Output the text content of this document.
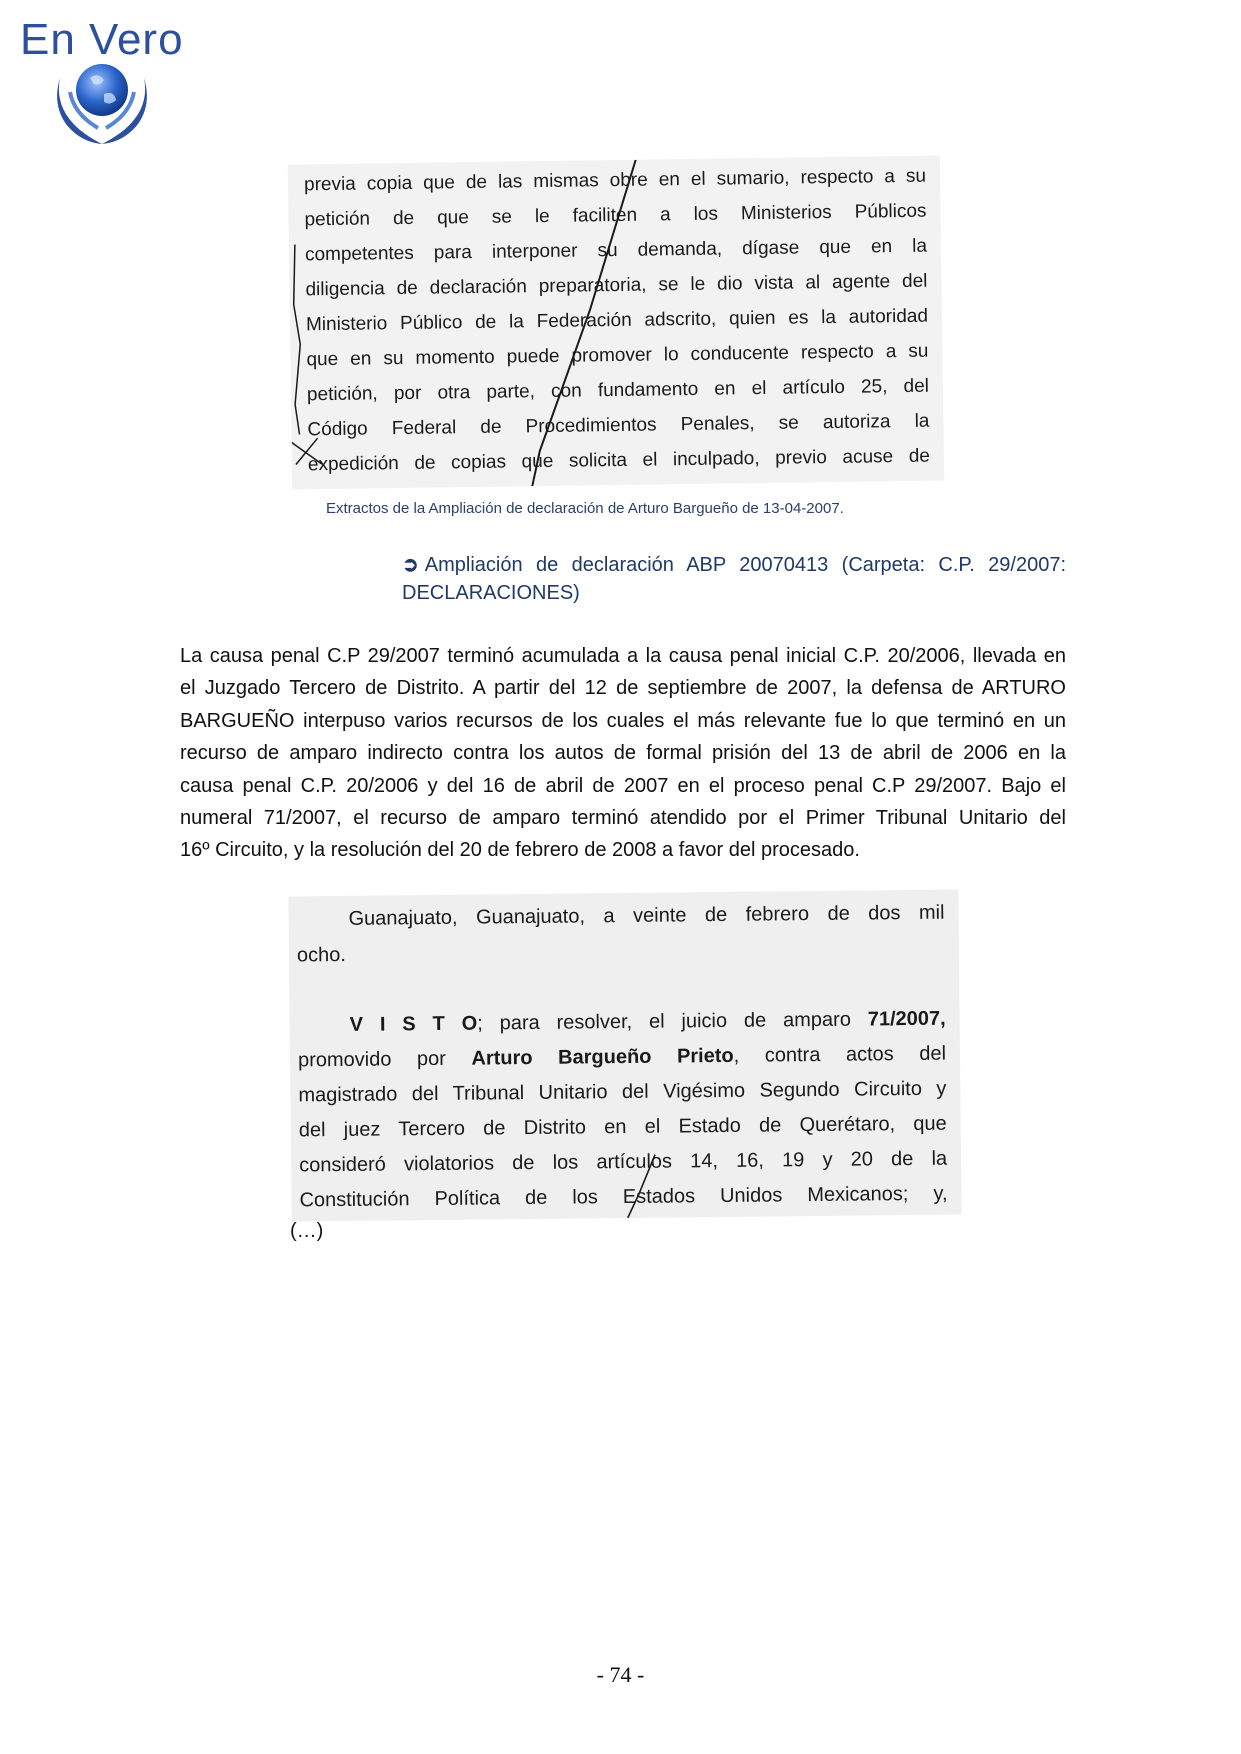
En Vero
previa copia que de las mismas obre en el sumario, respecto a su
petición de que se le faciliten a los Ministerios Públicos
competentes para interponer su demanda, dígase que en la
diligencia de declaración preparatoria, se le dio vista al agente del
Ministerio Público de la Federación adscrito, quien es la autoridad
que en su momento puede promover lo conducente respecto a su
petición, por otra parte, con fundamento en el artículo 25, del
Código Federal de Procedimientos Penales, se autoriza la
expedición de copias que solicita el inculpado, previo acuse de
Extractos de la Ampliación de declaración de Arturo Bargueño de 13-04-2007.
➲ Ampliación de declaración ABP 20070413 (Carpeta: C.P. 29/2007:
DECLARACIONES)
La causa penal C.P 29/2007 terminó acumulada a la causa penal inicial C.P. 20/2006, llevada en
el Juzgado Tercero de Distrito. A partir del 12 de septiembre de 2007, la defensa de ARTURO
BARGUEÑO interpuso varios recursos de los cuales el más relevante fue lo que terminó en un
recurso de amparo indirecto contra los autos de formal prisión del 13 de abril de 2006 en la
causa penal C.P. 20/2006 y del 16 de abril de 2007 en el proceso penal C.P 29/2007. Bajo el
numeral 71/2007, el recurso de amparo terminó atendido por el Primer Tribunal Unitario del
16º Circuito, y la resolución del 20 de febrero de 2008 a favor del procesado.
Guanajuato, Guanajuato, a veinte de febrero de dos mil
ocho.
V I S T O; para resolver, el juicio de amparo 71/2007,
promovido por Arturo Bargueño Prieto, contra actos del
magistrado del Tribunal Unitario del Vigésimo Segundo Circuito y
del juez Tercero de Distrito en el Estado de Querétaro, que
consideró violatorios de los artículos 14, 16, 19 y 20 de la
Constitución Política de los Estados Unidos Mexicanos; y,
(…)
- 74 -
